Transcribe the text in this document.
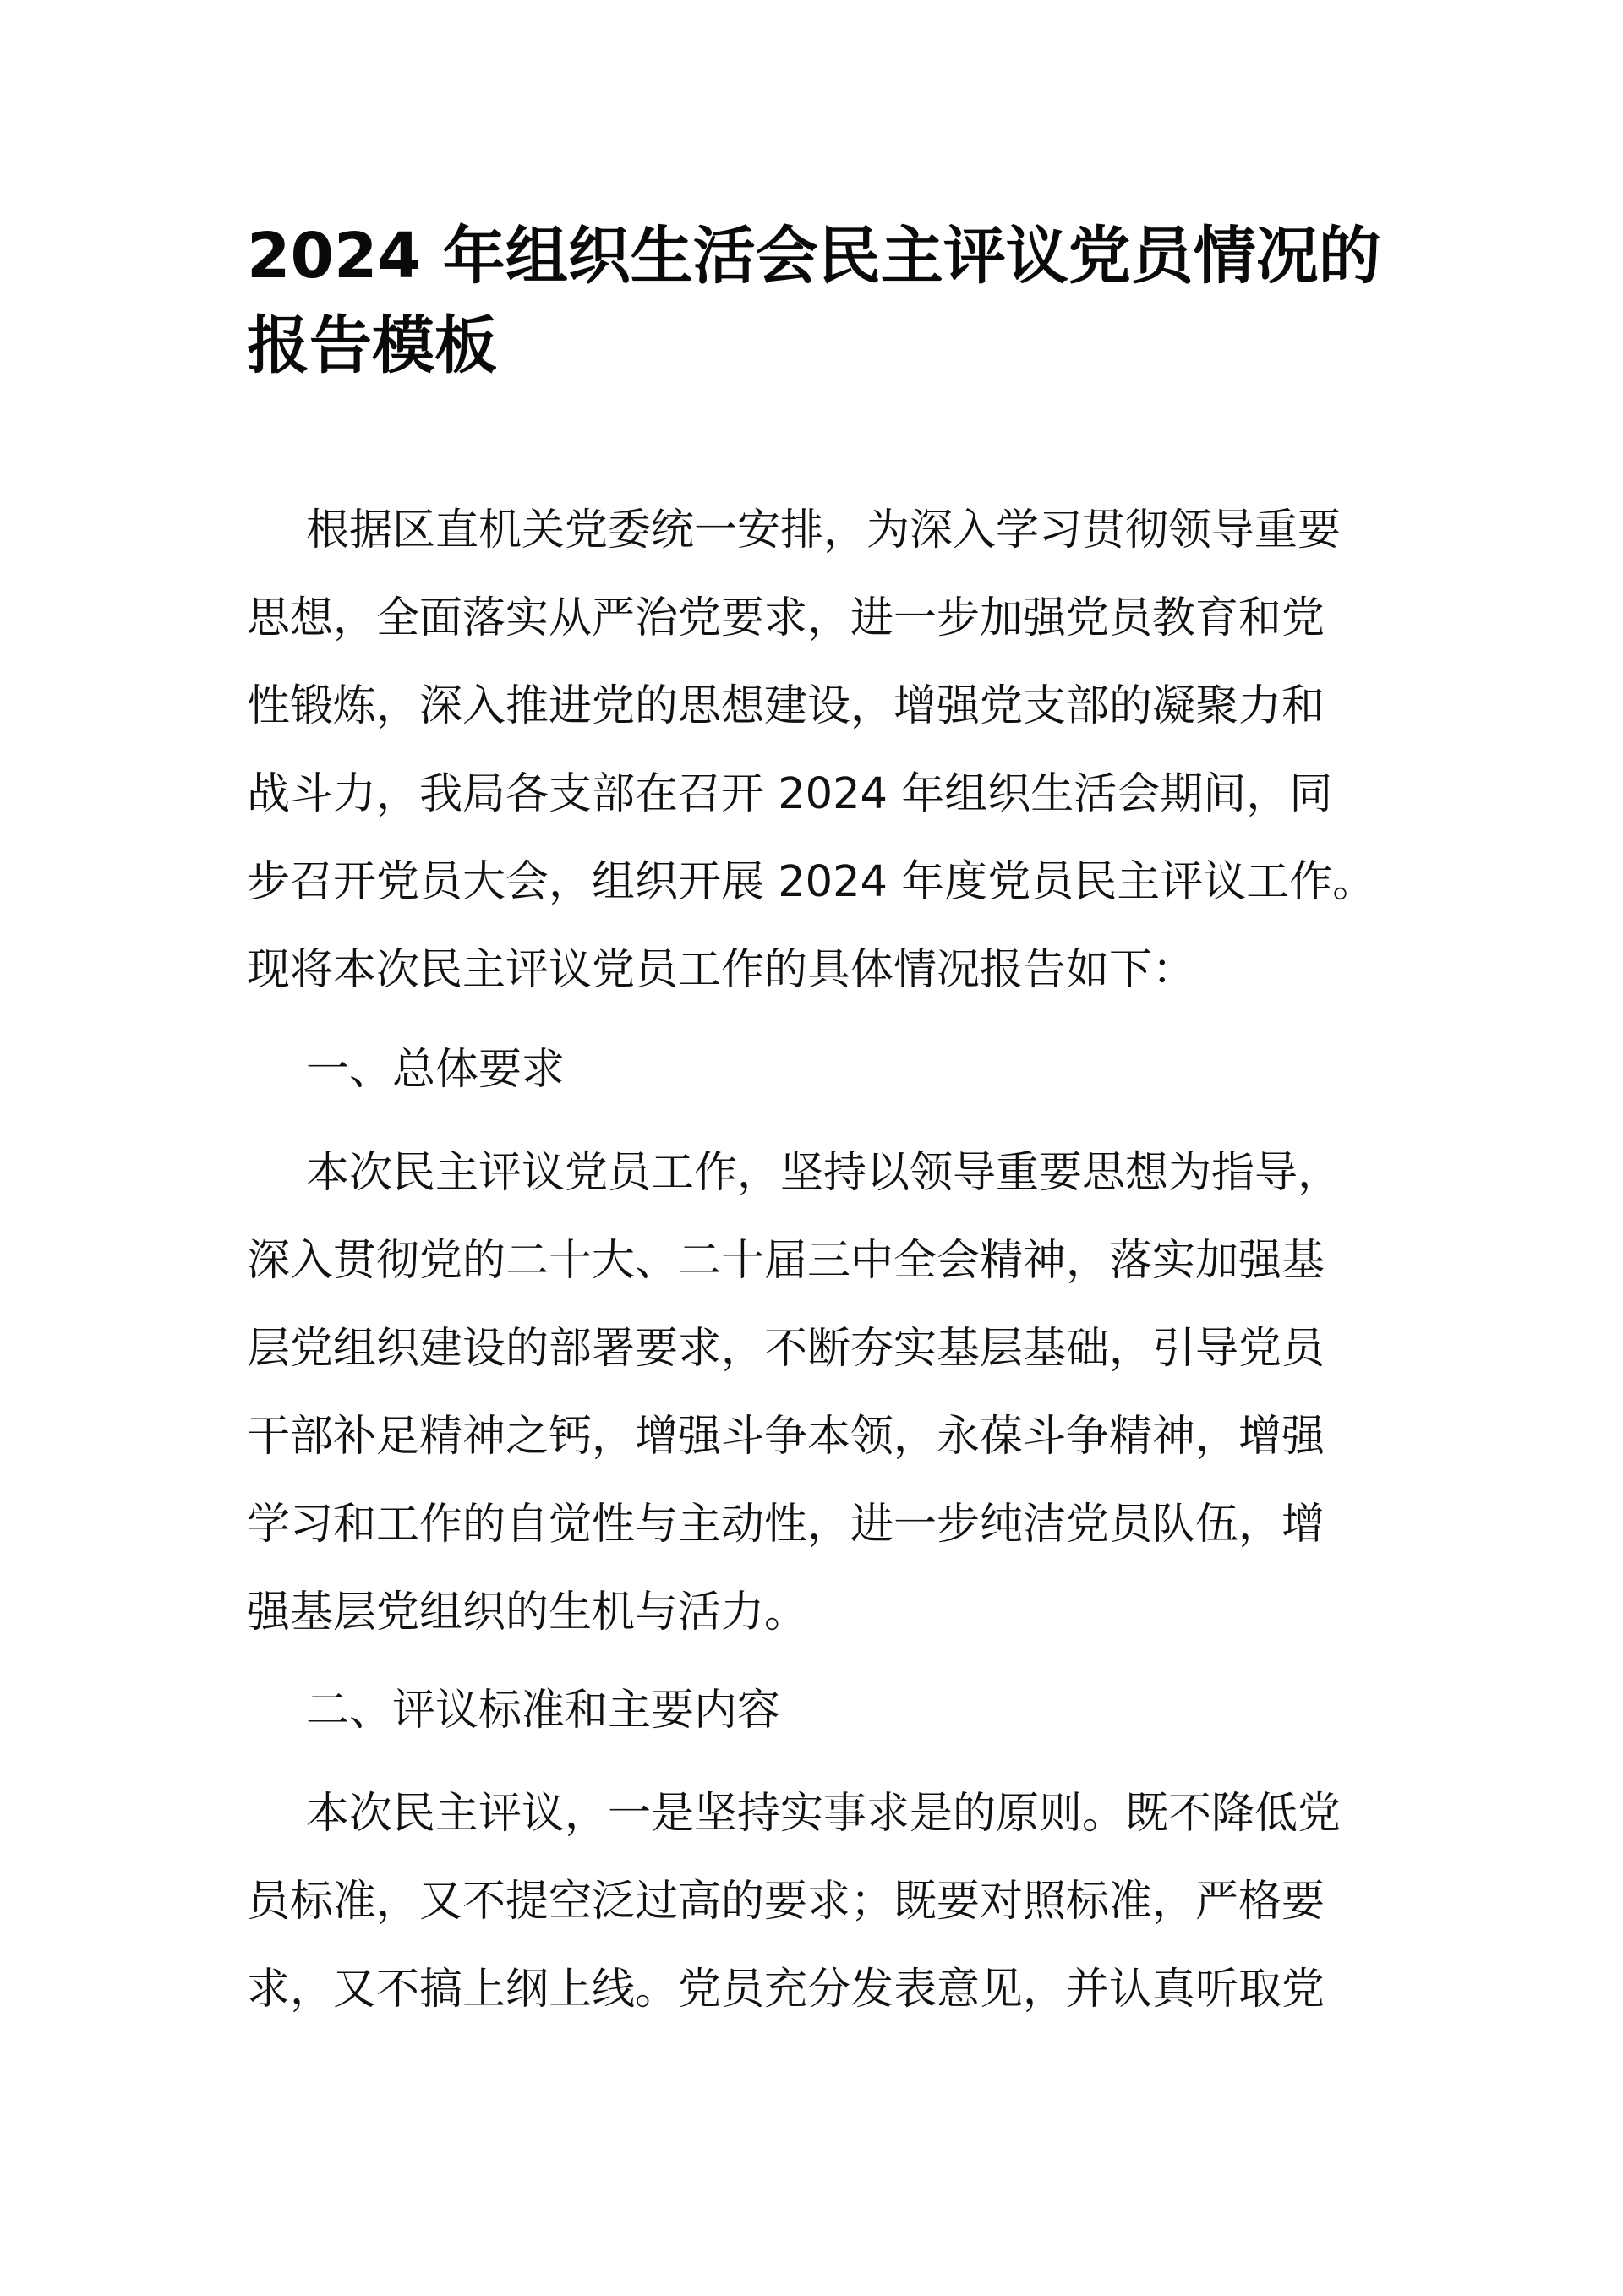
2024 年组织生活会民主评议党员情况的
报告模板
根据区直机关党委统一安排，为深入学习贯彻领导重要
思想，全面落实从严治党要求，进一步加强党员教育和党
性锻炼，深入推进党的思想建设，增强党支部的凝聚力和
战斗力，我局各支部在召开 2024 年组织生活会期间，同
步召开党员大会，组织开展 2024 年度党员民主评议工作。
现将本次民主评议党员工作的具体情况报告如下：
一、总体要求
本次民主评议党员工作，坚持以领导重要思想为指导，
深入贯彻党的二十大、二十届三中全会精神，落实加强基
层党组织建设的部署要求，不断夯实基层基础，引导党员
干部补足精神之钙，增强斗争本领，永葆斗争精神，增强
学习和工作的自觉性与主动性，进一步纯洁党员队伍，增
强基层党组织的生机与活力。
二、评议标准和主要内容
本次民主评议，一是坚持实事求是的原则。既不降低党
员标准，又不提空泛过高的要求；既要对照标准，严格要
求，又不搞上纲上线。党员充分发表意见，并认真听取党
